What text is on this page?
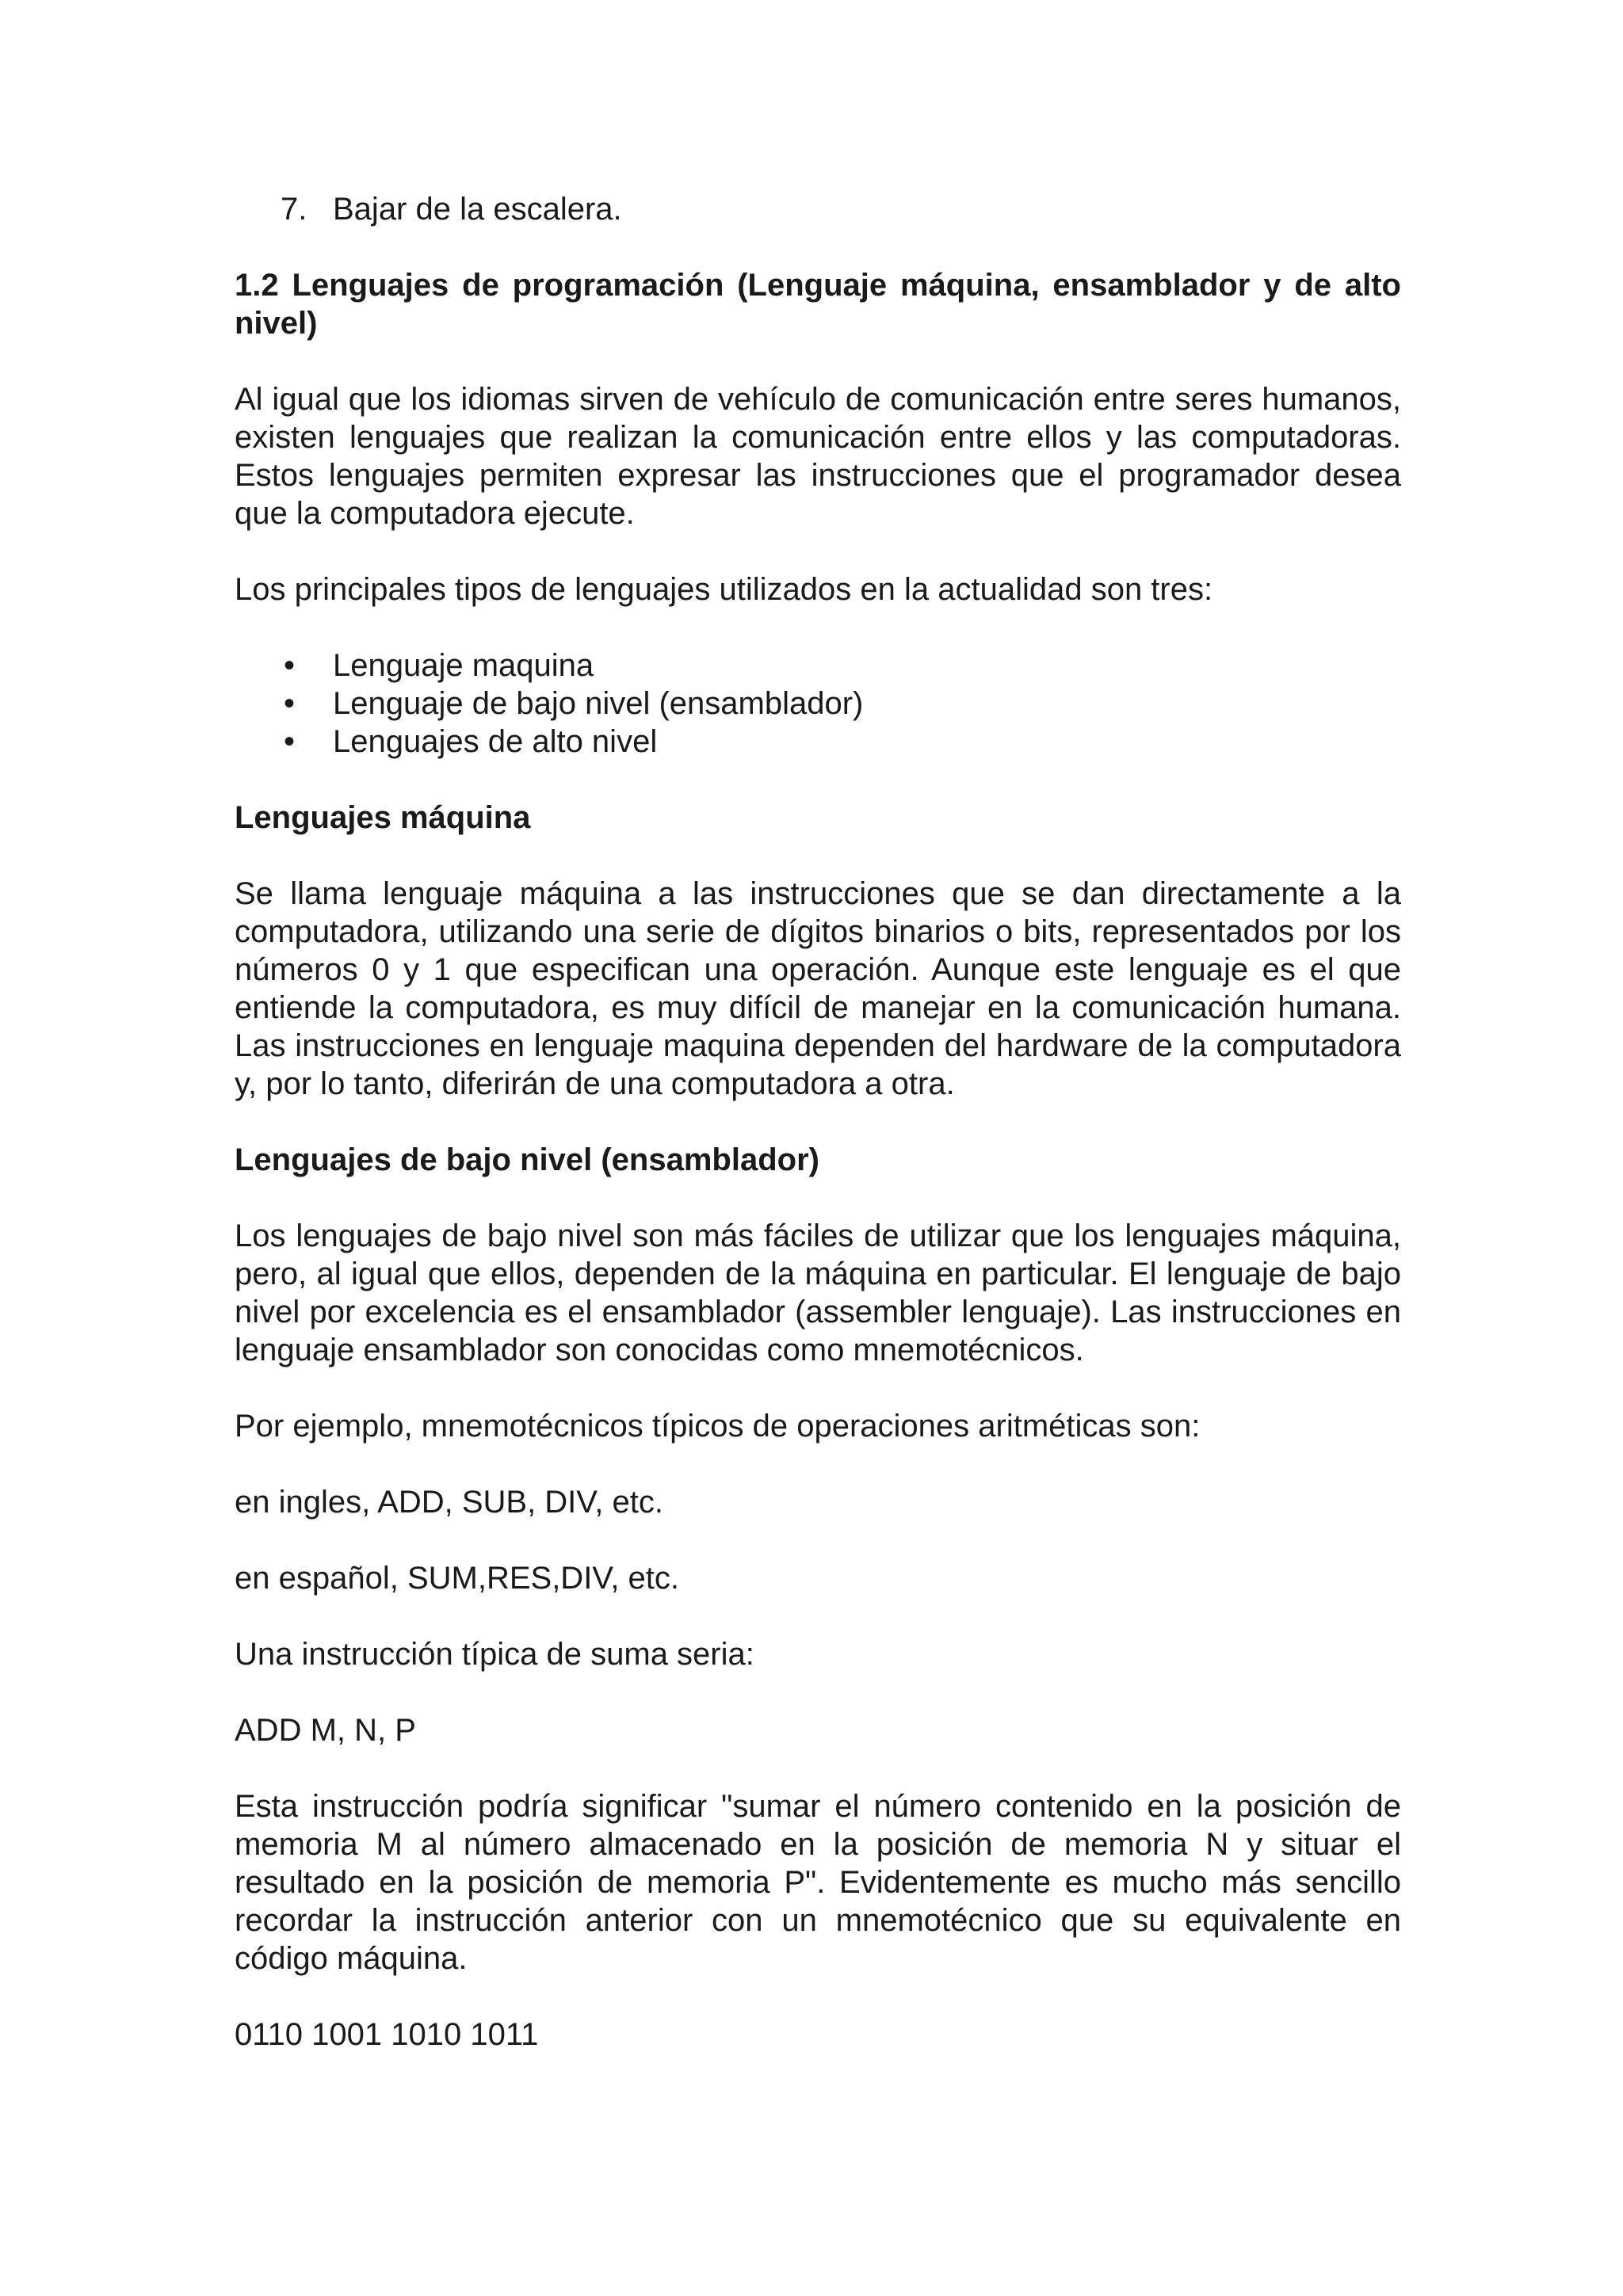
7. Bajar de la escalera.
1.2 Lenguajes de programación (Lenguaje máquina, ensamblador y de alto nivel)

Al igual que los idiomas sirven de vehículo de comunicación entre seres humanos, existen lenguajes que realizan la comunicación entre ellos y las computadoras. Estos lenguajes permiten expresar las instrucciones que el programador desea que la computadora ejecute.

Los principales tipos de lenguajes utilizados en la actualidad son tres:

• Lenguaje maquina
• Lenguaje de bajo nivel (ensamblador)
• Lenguajes de alto nivel
Lenguajes máquina

Se llama lenguaje máquina a las instrucciones que se dan directamente a la computadora, utilizando una serie de dígitos binarios o bits, representados por los números 0 y 1 que especifican una operación. Aunque este lenguaje es el que entiende la computadora, es muy difícil de manejar en la comunicación humana. Las instrucciones en lenguaje maquina dependen del hardware de la computadora y, por lo tanto, diferirán de una computadora a otra.

Lenguajes de bajo nivel (ensamblador)

Los lenguajes de bajo nivel son más fáciles de utilizar que los lenguajes máquina, pero, al igual que ellos, dependen de la máquina en particular. El lenguaje de bajo nivel por excelencia es el ensamblador (assembler lenguaje). Las instrucciones en lenguaje ensamblador son conocidas como mnemotécnicos.

Por ejemplo, mnemotécnicos típicos de operaciones aritméticas son:

en ingles, ADD, SUB, DIV, etc.

en español, SUM,RES,DIV, etc.

Una instrucción típica de suma seria:

ADD M, N, P

Esta instrucción podría significar "sumar el número contenido en la posición de memoria M al número almacenado en la posición de memoria N y situar el resultado en la posición de memoria P". Evidentemente es mucho más sencillo recordar la instrucción anterior con un mnemotécnico que su equivalente en código máquina.

0110 1001 1010 1011
